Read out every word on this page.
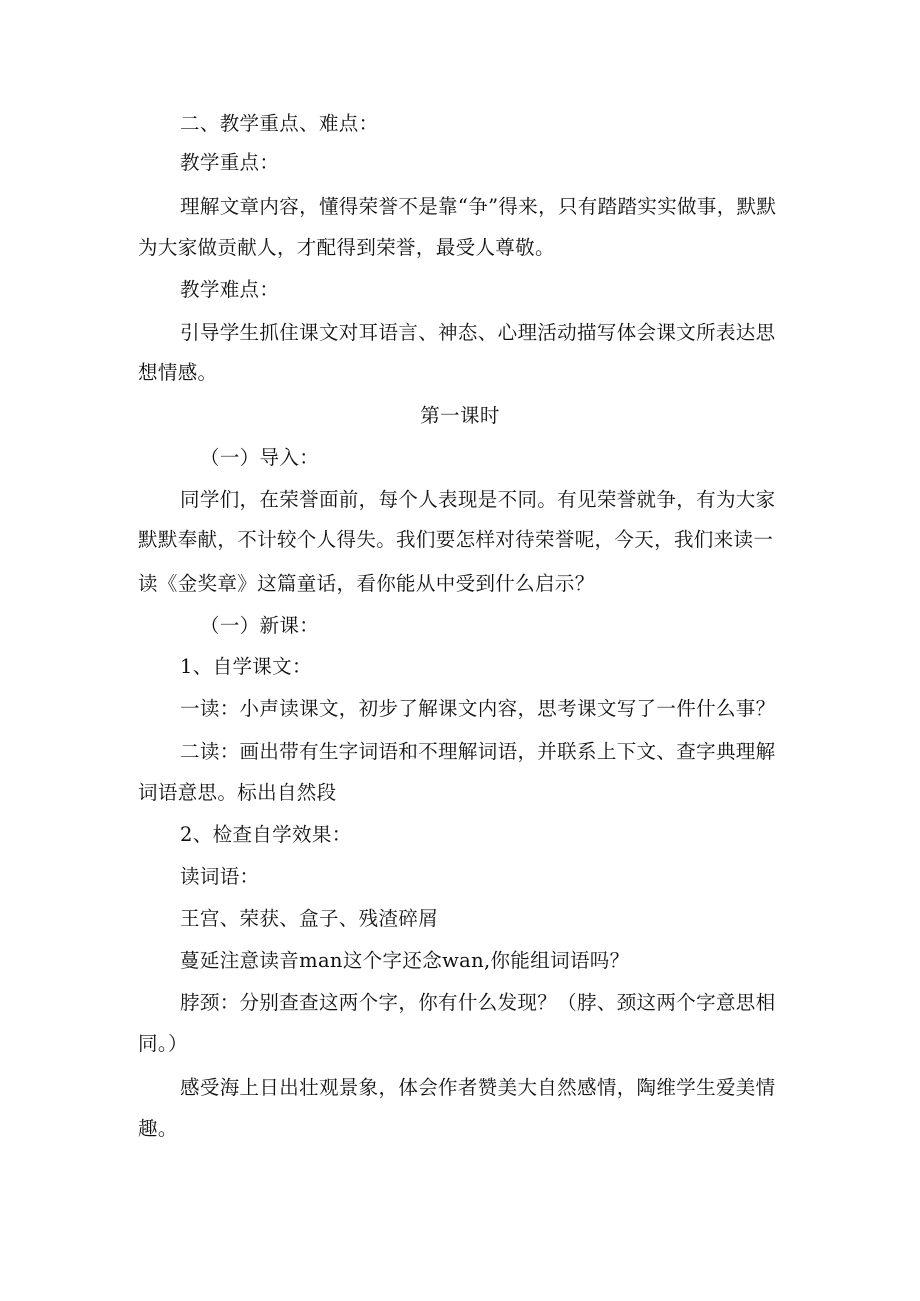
二、教学重点、难点：
教学重点：
理解文章内容，懂得荣誉不是靠“争”得来，只有踏踏实实做事，默默
为大家做贡献人，才配得到荣誉，最受人尊敬。
教学难点：
引导学生抓住课文对耳语言、神态、心理活动描写体会课文所表达思
想情感。
第一课时
（一）导入：
同学们，在荣誉面前，每个人表现是不同。有见荣誉就争，有为大家
默默奉献，不计较个人得失。我们要怎样对待荣誉呢，今天，我们来读一
读《金奖章》这篇童话，看你能从中受到什么启示？
（一）新课：
1、自学课文：
一读：小声读课文，初步了解课文内容，思考课文写了一件什么事？
二读：画出带有生字词语和不理解词语，并联系上下文、查字典理解
词语意思。标出自然段
2、检查自学效果：
读词语：
王宫、荣获、盒子、残渣碎屑
蔓延注意读音man这个字还念wan,你能组词语吗？
脖颈：分别查查这两个字，你有什么发现？（脖、颈这两个字意思相
同。）
感受海上日出壮观景象，体会作者赞美大自然感情，陶维学生爱美情
趣。
